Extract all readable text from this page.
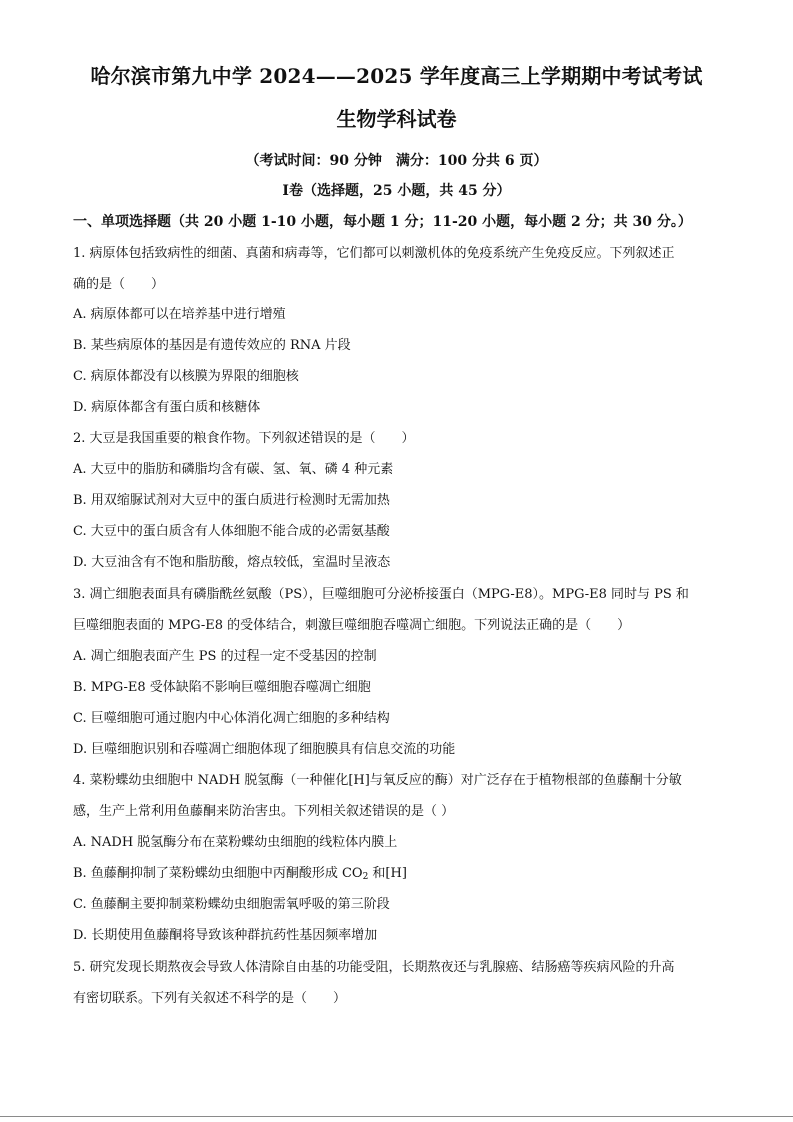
哈尔滨市第九中学 2024——2025 学年度高三上学期期中考试考试
生物学科试卷
（考试时间：90 分钟　满分：100 分共 6 页）
Ⅰ卷（选择题，25 小题，共 45 分）
一、单项选择题（共 20 小题 1-10 小题，每小题 1 分；11-20 小题，每小题 2 分；共 30 分。）
1. 病原体包括致病性的细菌、真菌和病毒等，它们都可以刺激机体的免疫系统产生免疫反应。下列叙述正
确的是（　　）
A. 病原体都可以在培养基中进行增殖
B. 某些病原体的基因是有遗传效应的 RNA 片段
C. 病原体都没有以核膜为界限的细胞核
D. 病原体都含有蛋白质和核糖体
2. 大豆是我国重要的粮食作物。下列叙述错误的是（　　）
A. 大豆中的脂肪和磷脂均含有碳、氢、氧、磷 4 种元素
B. 用双缩脲试剂对大豆中的蛋白质进行检测时无需加热
C. 大豆中的蛋白质含有人体细胞不能合成的必需氨基酸
D. 大豆油含有不饱和脂肪酸，熔点较低，室温时呈液态
3. 凋亡细胞表面具有磷脂酰丝氨酸（PS），巨噬细胞可分泌桥接蛋白（MPG-E8）。MPG-E8 同时与 PS 和
巨噬细胞表面的 MPG-E8 的受体结合，刺激巨噬细胞吞噬凋亡细胞。下列说法正确的是（　　）
A. 凋亡细胞表面产生 PS 的过程一定不受基因的控制
B. MPG-E8 受体缺陷不影响巨噬细胞吞噬凋亡细胞
C. 巨噬细胞可通过胞内中心体消化凋亡细胞的多种结构
D. 巨噬细胞识别和吞噬凋亡细胞体现了细胞膜具有信息交流的功能
4. 菜粉蝶幼虫细胞中 NADH 脱氢酶（一种催化[H]与氧反应的酶）对广泛存在于植物根部的鱼藤酮十分敏
感，生产上常利用鱼藤酮来防治害虫。下列相关叙述错误的是（ ）
A. NADH 脱氢酶分布在菜粉蝶幼虫细胞的线粒体内膜上
B. 鱼藤酮抑制了菜粉蝶幼虫细胞中丙酮酸形成 $CO_2$ 和[H]
C. 鱼藤酮主要抑制菜粉蝶幼虫细胞需氧呼吸的第三阶段
D. 长期使用鱼藤酮将导致该种群抗药性基因频率增加
5. 研究发现长期熬夜会导致人体清除自由基的功能受阻，长期熬夜还与乳腺癌、结肠癌等疾病风险的升高
有密切联系。下列有关叙述不科学的是（　　）
